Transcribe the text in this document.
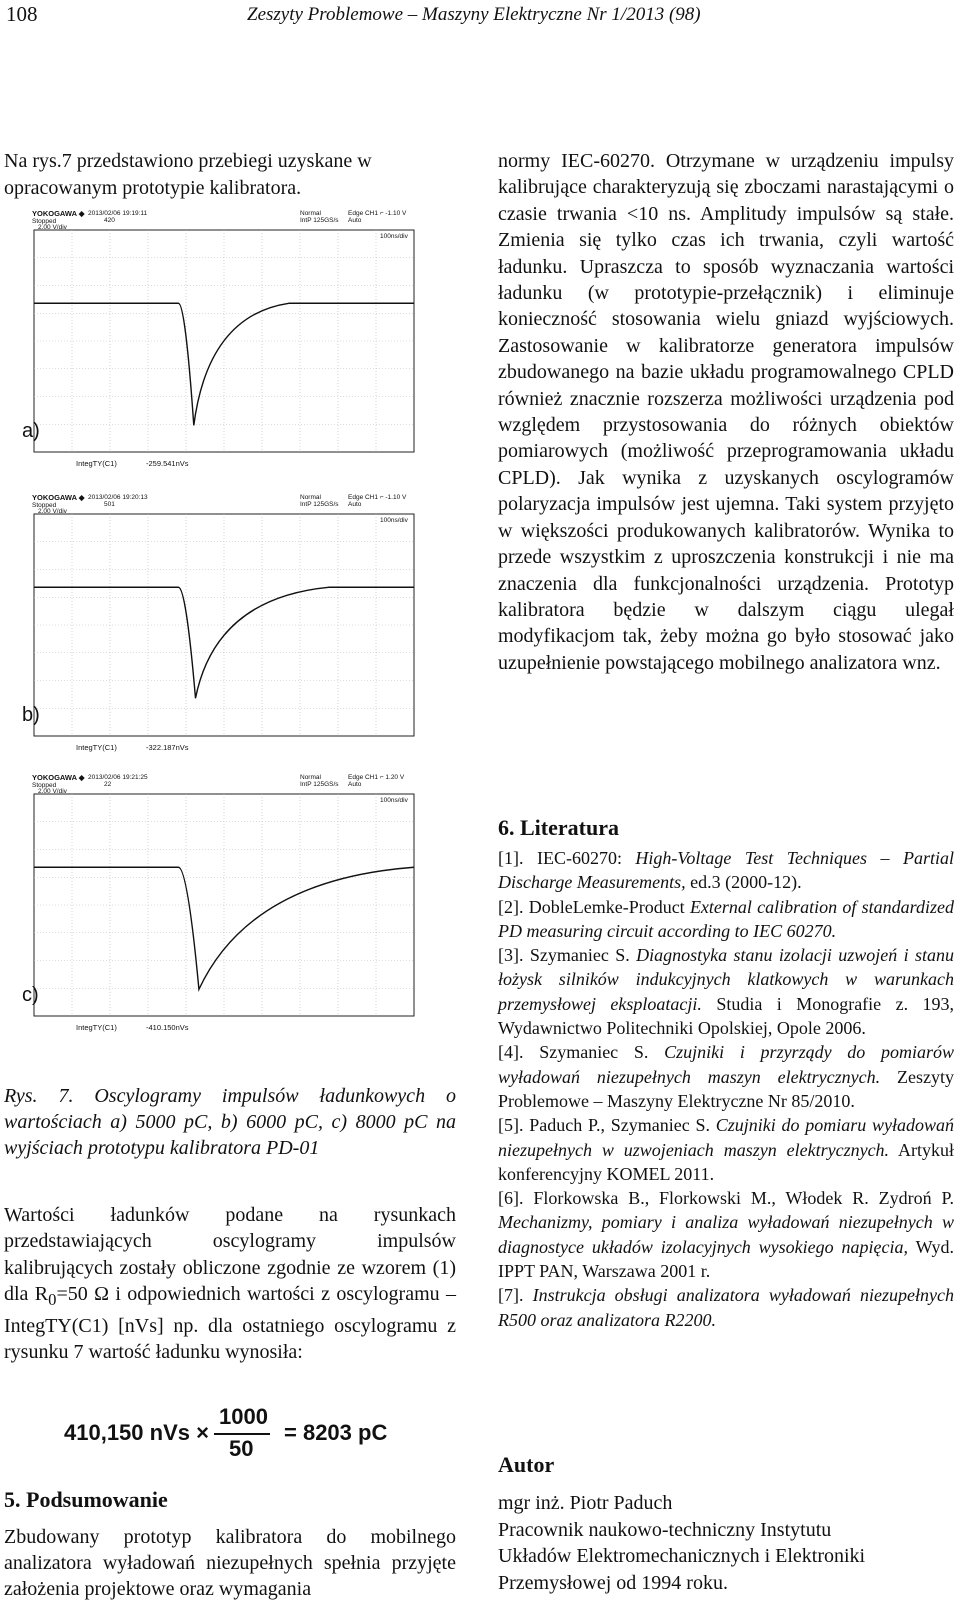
108	Zeszyty Problemowe – Maszyny Elektryczne Nr 1/2013 (98)

Na rys.7 przedstawiono przebiegi uzyskane w opracowanym prototypie kalibratora.

YOKOGAWA ◆
Stopped
2013/02/06 19:19:11
420
Normal
IntP 125GS/s
Edge CH1 ⌐ -1.10 V
Auto
2.00 V/div
100ns/div
IntegTY(C1)	-259.541nVs
a)
YOKOGAWA ◆
Stopped
2013/02/06 19:20:13
501
Normal
IntP 125GS/s
Edge CH1 ⌐ -1.10 V
Auto
2.00 V/div
100ns/div
IntegTY(C1)	-322.187nVs
b)
YOKOGAWA ◆
Stopped
2013/02/06 19:21:25
22
Normal
IntP 125GS/s
Edge CH1 ⌐ 1.20 V
Auto
2.00 V/div
100ns/div
IntegTY(C1)	-410.150nVs
c)

Rys. 7. Oscylogramy impulsów ładunkowych o wartościach a) 5000 pC, b) 6000 pC, c) 8000 pC na wyjściach prototypu kalibratora PD-01

Wartości ładunków podane na rysunkach przedstawiających oscylogramy impulsów kalibrujących zostały obliczone zgodnie ze wzorem (1) dla $R_0=50$ Ω i odpowiednich wartości z oscylogramu – IntegTY(C1) [nVs] np. dla ostatniego oscylogramu z rysunku 7 wartość ładunku wynosiła:

410,150 nVs ×
1000
50
= 8203 pC
5. Podsumowanie

Zbudowany prototyp kalibratora do mobilnego analizatora wyładowań niezupełnych spełnia przyjęte założenia projektowe oraz wymagania

normy IEC-60270. Otrzymane w urządzeniu impulsy kalibrujące charakteryzują się zboczami narastającymi o czasie trwania <10 ns. Amplitudy impulsów są stałe. Zmienia się tylko czas ich trwania, czyli wartość ładunku. Upraszcza to sposób wyznaczania wartości ładunku (w prototypie-przełącznik) i eliminuje konieczność stosowania wielu gniazd wyjściowych. Zastosowanie w kalibratorze generatora impulsów zbudowanego na bazie układu programowalnego CPLD również znacznie rozszerza możliwości urządzenia pod względem przystosowania do różnych obiektów pomiarowych (możliwość przeprogramowania układu CPLD). Jak wynika z uzyskanych oscylogramów polaryzacja impulsów jest ujemna. Taki system przyjęto w większości produkowanych kalibratorów. Wynika to przede wszystkim z uproszczenia konstrukcji i nie ma znaczenia dla funkcjonalności urządzenia. Prototyp kalibratora będzie w dalszym ciągu ulegał modyfikacjom tak, żeby można go było stosować jako uzupełnienie powstającego mobilnego analizatora wnz.

6. Literatura
[1]. IEC-60270: High-Voltage Test Techniques – Partial Discharge Measurements, ed.3 (2000-12).
[2]. DobleLemke-Product External calibration of standardized PD measuring circuit according to IEC 60270.
[3]. Szymaniec S. Diagnostyka stanu izolacji uzwojeń i stanu łożysk silników indukcyjnych klatkowych w warunkach przemysłowej eksploatacji. Studia i Monografie z. 193, Wydawnictwo Politechniki Opolskiej, Opole 2006.
[4]. Szymaniec S. Czujniki i przyrządy do pomiarów wyładowań niezupełnych maszyn elektrycznych. Zeszyty Problemowe – Maszyny Elektryczne Nr 85/2010.
[5]. Paduch P., Szymaniec S. Czujniki do pomiaru wyładowań niezupełnych w uzwojeniach maszyn elektrycznych. Artykuł konferencyjny KOMEL 2011.
[6]. Florkowska B., Florkowski M., Włodek R. Zydroń P. Mechanizmy, pomiary i analiza wyładowań niezupełnych w diagnostyce układów izolacyjnych wysokiego napięcia, Wyd. IPPT PAN, Warszawa 2001 r.
[7]. Instrukcja obsługi analizatora wyładowań niezupełnych R500 oraz analizatora R2200.
Autor
mgr inż. Piotr Paduch
Pracownik naukowo-techniczny Instytutu
Układów Elektromechanicznych i Elektroniki
Przemysłowej od 1994 roku.
